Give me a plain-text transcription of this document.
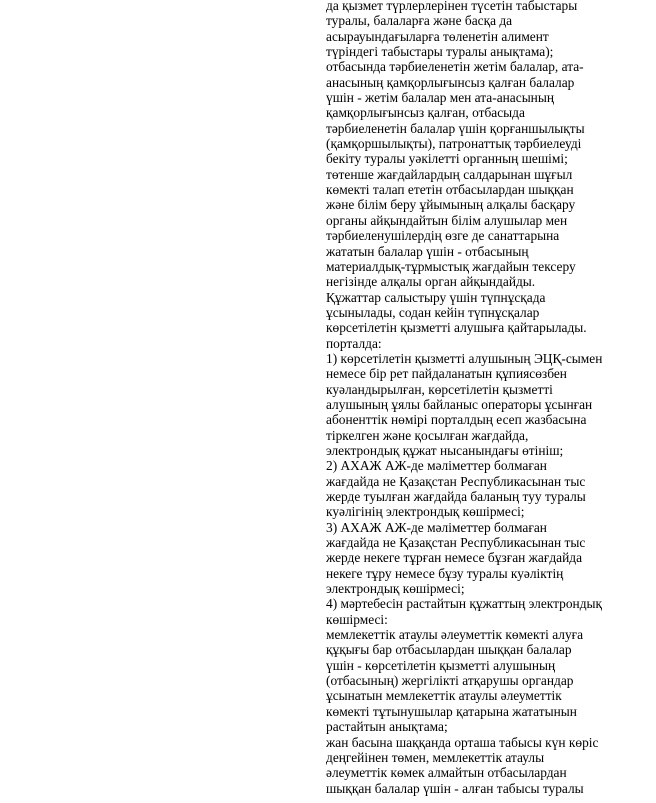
да қызмет түрлерлерінен түсетін табыстары
туралы, балаларға және басқа да
асырауындағыларға төленетін алимент
түріндегі табыстары туралы анықтама);
отбасында тәрбиеленетін жетім балалар, ата-
анасының қамқорлығынсыз қалған балалар
үшін - жетім балалар мен ата-анасының
қамқорлығынсыз қалған, отбасыда
тәрбиеленетін балалар үшін қорғаншылықты
(қамқоршылықты), патронаттық тәрбиелеуді
бекіту туралы уәкілетті органның шешімі;
төтенше жағдайлардың салдарынан шұғыл
көмекті талап ететін отбасылардан шыққан
және білім беру ұйымының алқалы басқару
органы айқындайтын білім алушылар мен
тәрбиеленушілердің өзге де санаттарына
жататын балалар үшін - отбасының
материалдық-тұрмыстық жағдайын тексеру
негізінде алқалы орган айқындайды.
Құжаттар салыстыру үшін түпнұсқада
ұсынылады, содан кейін түпнұсқалар
көрсетілетін қызметті алушыға қайтарылады.
порталда:
1) көрсетілетін қызметті алушының ЭЦҚ-сымен
немесе бір рет пайдаланатын құпиясөзбен
куәландырылған, көрсетілетін қызметті
алушының ұялы байланыс операторы ұсынған
абоненттік нөмірі порталдың есеп жазбасына
тіркелген және қосылған жағдайда,
электрондық құжат нысанындағы өтініш;
2) АХАЖ АЖ-де мәліметтер болмаған
жағдайда не Қазақстан Республикасынан тыс
жерде туылған жағдайда баланың туу туралы
куәлігінің электрондық көшірмесі;
3) АХАЖ АЖ-де мәліметтер болмаған
жағдайда не Қазақстан Республикасынан тыс
жерде некеге тұрған немесе бұзған жағдайда
некеге тұру немесе бұзу туралы куәліктің
электрондық көшірмесі;
4) мәртебесін растайтын құжаттың электрондық
көшірмесі:
мемлекеттік атаулы әлеуметтік көмекті алуға
құқығы бар отбасылардан шыққан балалар
үшін - көрсетілетін қызметті алушының
(отбасының) жергілікті атқарушы органдар
ұсынатын мемлекеттік атаулы әлеуметтік
көмекті тұтынушылар қатарына жататынын
растайтын анықтама;
жан басына шаққанда орташа табысы күн көріс
деңгейінен төмен, мемлекеттік атаулы
әлеуметтік көмек алмайтын отбасылардан
шыққан балалар үшін - алған табысы туралы
